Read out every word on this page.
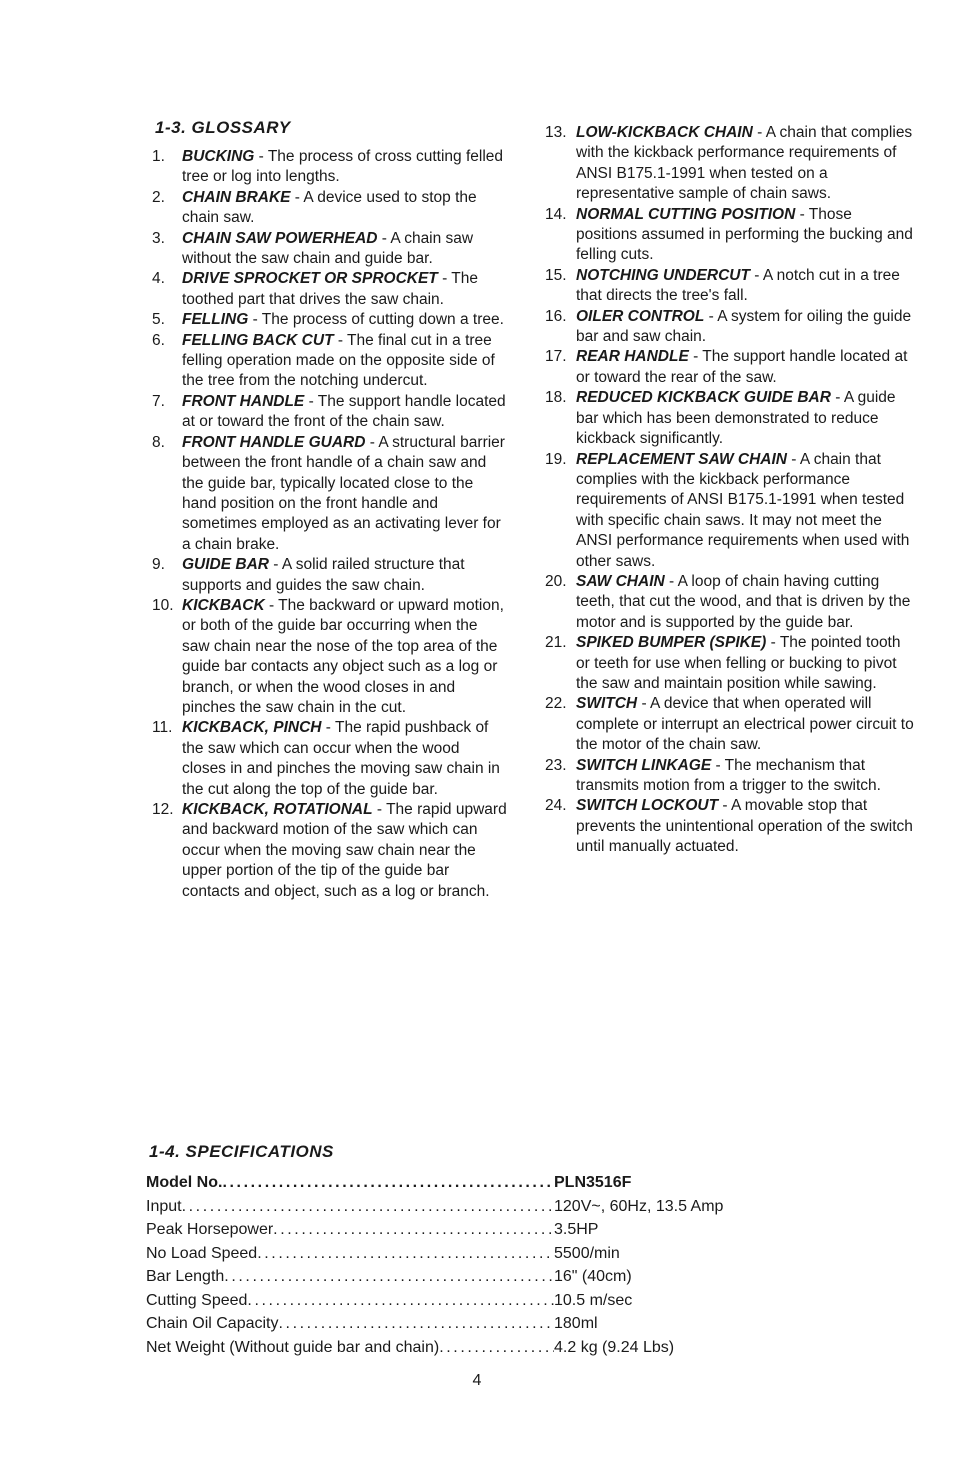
1-3. GLOSSARY
1.	BUCKING - The process of cross cutting felled tree or log into lengths.
2.	CHAIN BRAKE - A device used to stop the chain saw.
3.	CHAIN SAW POWERHEAD - A chain saw without the saw chain and guide bar.
4.	DRIVE SPROCKET OR SPROCKET - The toothed part that drives the saw chain.
5.	FELLING - The process of cutting down a tree.
6.	FELLING BACK CUT - The final cut in a tree felling operation made on the opposite side of the tree from the notching undercut.
7.	FRONT HANDLE - The support handle located at or toward the front of the chain saw.
8.	FRONT HANDLE GUARD - A structural barrier between the front handle of a chain saw and the guide bar, typically located close to the hand position on the front handle and sometimes employed as an activating lever for a chain brake.
9.	GUIDE BAR - A solid railed structure that supports and guides the saw chain.
10. KICKBACK - The backward or upward motion, or both of the guide bar occurring when the saw chain near the nose of the top area of the guide bar contacts any object such as a log or branch, or when the wood closes in and pinches the saw chain in the cut.
11. KICKBACK, PINCH - The rapid pushback of the saw which can occur when the wood closes in and pinches the moving saw chain in the cut along the top of the guide bar.
12. KICKBACK, ROTATIONAL - The rapid upward and backward motion of the saw which can occur when the moving saw chain near the upper portion of the tip of the guide bar contacts and object, such as a log or branch.
13. LOW-KICKBACK CHAIN - A chain that complies with the kickback performance requirements of ANSI B175.1-1991 when tested on a representative sample of chain saws.
14. NORMAL CUTTING POSITION - Those positions assumed in performing the bucking and felling cuts.
15. NOTCHING UNDERCUT - A notch cut in a tree that directs the tree's fall.
16. OILER CONTROL - A system for oiling the guide bar and saw chain.
17. REAR HANDLE - The support handle located at or toward the rear of the saw.
18. REDUCED KICKBACK GUIDE BAR - A guide bar which has been demonstrated to reduce kickback significantly.
19. REPLACEMENT SAW CHAIN - A chain that complies with the kickback performance requirements of ANSI B175.1-1991 when tested with specific chain saws. It may not meet the ANSI performance requirements when used with other saws.
20. SAW CHAIN - A loop of chain having cutting teeth, that cut the wood, and that is driven by the motor and is supported by the guide bar.
21. SPIKED BUMPER (SPIKE) - The pointed tooth or teeth for use when felling or bucking to pivot the saw and maintain position while sawing.
22. SWITCH - A device that when operated will complete or interrupt an electrical power circuit to the motor of the chain saw.
23. SWITCH LINKAGE - The mechanism that transmits motion from a trigger to the switch.
24. SWITCH LOCKOUT - A movable stop that prevents the unintentional operation of the switch until manually actuated.
1-4. SPECIFICATIONS
Model No. .....	PLN3516F
Input .....	120V~, 60Hz, 13.5 Amp
Peak Horsepower .....	3.5HP
No Load Speed .....	5500/min
Bar Length .....	16" (40cm)
Cutting Speed .....	10.5 m/sec
Chain Oil Capacity .....	180ml
Net Weight (Without guide bar and chain) .....	4.2 kg (9.24 Lbs)
4
